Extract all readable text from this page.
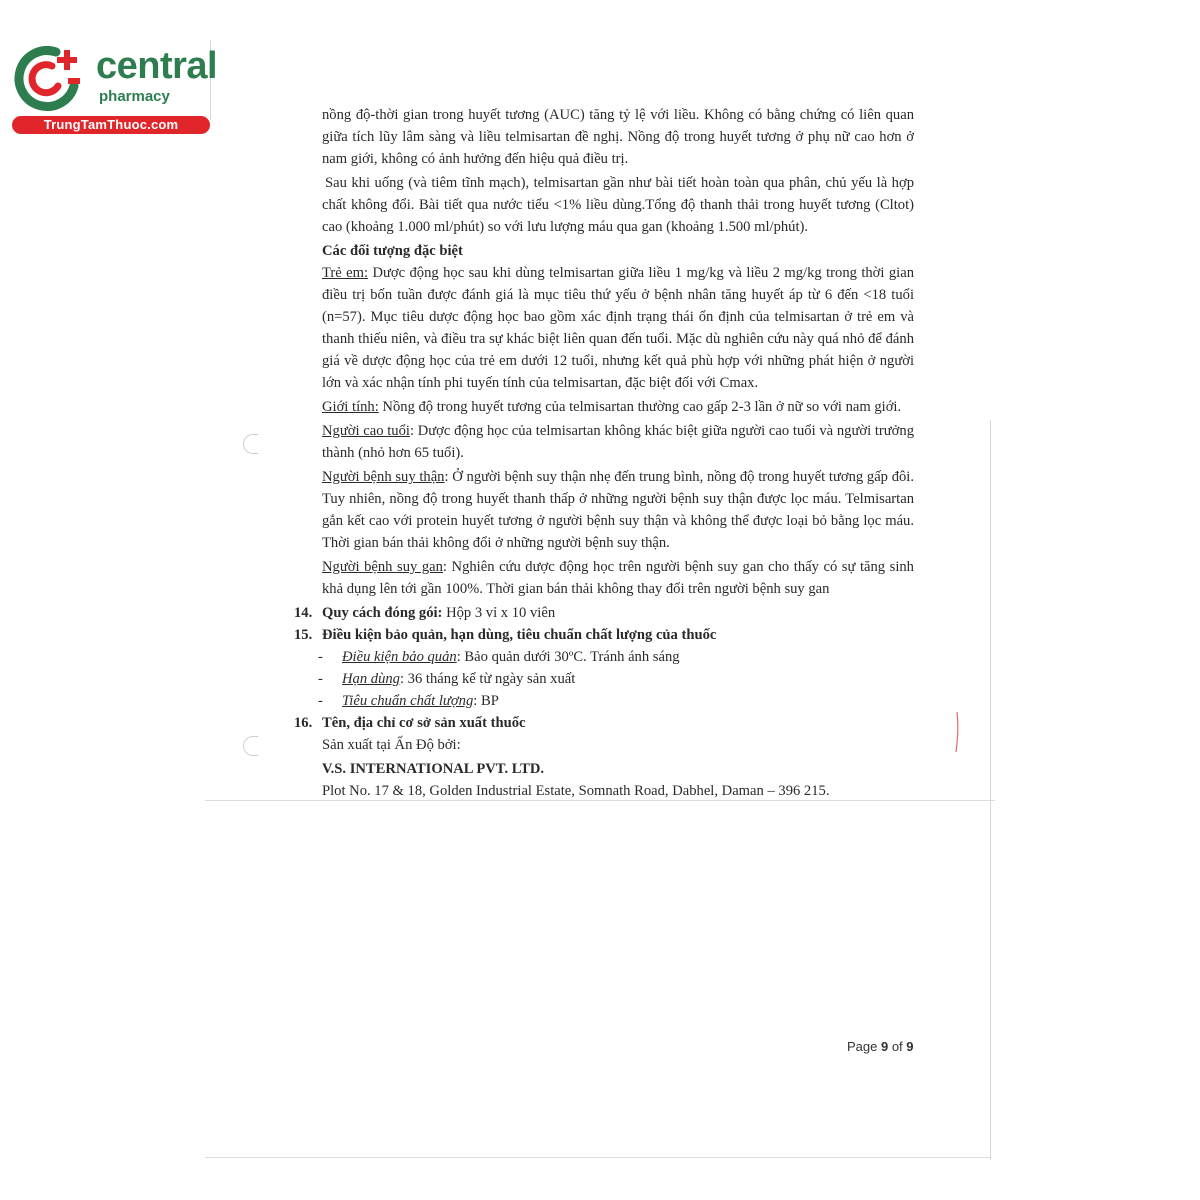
central
pharmacy
TrungTamThuoc.com

nồng độ-thời gian trong huyết tương (AUC) tăng tỷ lệ với liều. Không có bằng chứng có liên quan giữa tích lũy lâm sàng và liều telmisartan đề nghị. Nồng độ trong huyết tương ở phụ nữ cao hơn ở nam giới, không có ảnh hưởng đến hiệu quả điều trị.

Sau khi uống (và tiêm tĩnh mạch), telmisartan gần như bài tiết hoàn toàn qua phân, chủ yếu là hợp chất không đổi. Bài tiết qua nước tiểu <1% liều dùng.Tổng độ thanh thải trong huyết tương (Cltot) cao (khoảng 1.000 ml/phút) so với lưu lượng máu qua gan (khoảng 1.500 ml/phút).

Các đối tượng đặc biệt

Trẻ em: Dược động học sau khi dùng telmisartan giữa liều 1 mg/kg và liều 2 mg/kg trong thời gian điều trị bốn tuần được đánh giá là mục tiêu thứ yếu ở bệnh nhân tăng huyết áp từ 6 đến <18 tuổi (n=57). Mục tiêu dược động học bao gồm xác định trạng thái ổn định của telmisartan ở trẻ em và thanh thiếu niên, và điều tra sự khác biệt liên quan đến tuổi. Mặc dù nghiên cứu này quá nhỏ để đánh giá về dược động học của trẻ em dưới 12 tuổi, nhưng kết quả phù hợp với những phát hiện ở người lớn và xác nhận tính phi tuyến tính của telmisartan, đặc biệt đối với Cmax.

Giới tính: Nồng độ trong huyết tương của telmisartan thường cao gấp 2-3 lần ở nữ so với nam giới.

Người cao tuổi: Dược động học của telmisartan không khác biệt giữa người cao tuổi và người trưởng thành (nhỏ hơn 65 tuổi).

Người bệnh suy thận: Ở người bệnh suy thận nhẹ đến trung bình, nồng độ trong huyết tương gấp đôi. Tuy nhiên, nồng độ trong huyết thanh thấp ở những người bệnh suy thận được lọc máu. Telmisartan gắn kết cao với protein huyết tương ở người bệnh suy thận và không thể được loại bỏ bằng lọc máu. Thời gian bán thải không đổi ở những người bệnh suy thận.

Người bệnh suy gan: Nghiên cứu dược động học trên người bệnh suy gan cho thấy có sự tăng sinh khả dụng lên tới gần 100%. Thời gian bán thải không thay đổi trên người bệnh suy gan

14. Quy cách đóng gói: Hộp 3 vỉ x 10 viên

15. Điều kiện bảo quản, hạn dùng, tiêu chuẩn chất lượng của thuốc

- Điều kiện bảo quản: Bảo quản dưới 30ºC. Tránh ánh sáng

- Hạn dùng: 36 tháng kể từ ngày sản xuất

- Tiêu chuẩn chất lượng: BP

16. Tên, địa chỉ cơ sở sản xuất thuốc

Sản xuất tại Ấn Độ bởi:

V.S. INTERNATIONAL PVT. LTD.

Plot No. 17 & 18, Golden Industrial Estate, Somnath Road, Dabhel, Daman – 396 215.

Page 9 of 9
